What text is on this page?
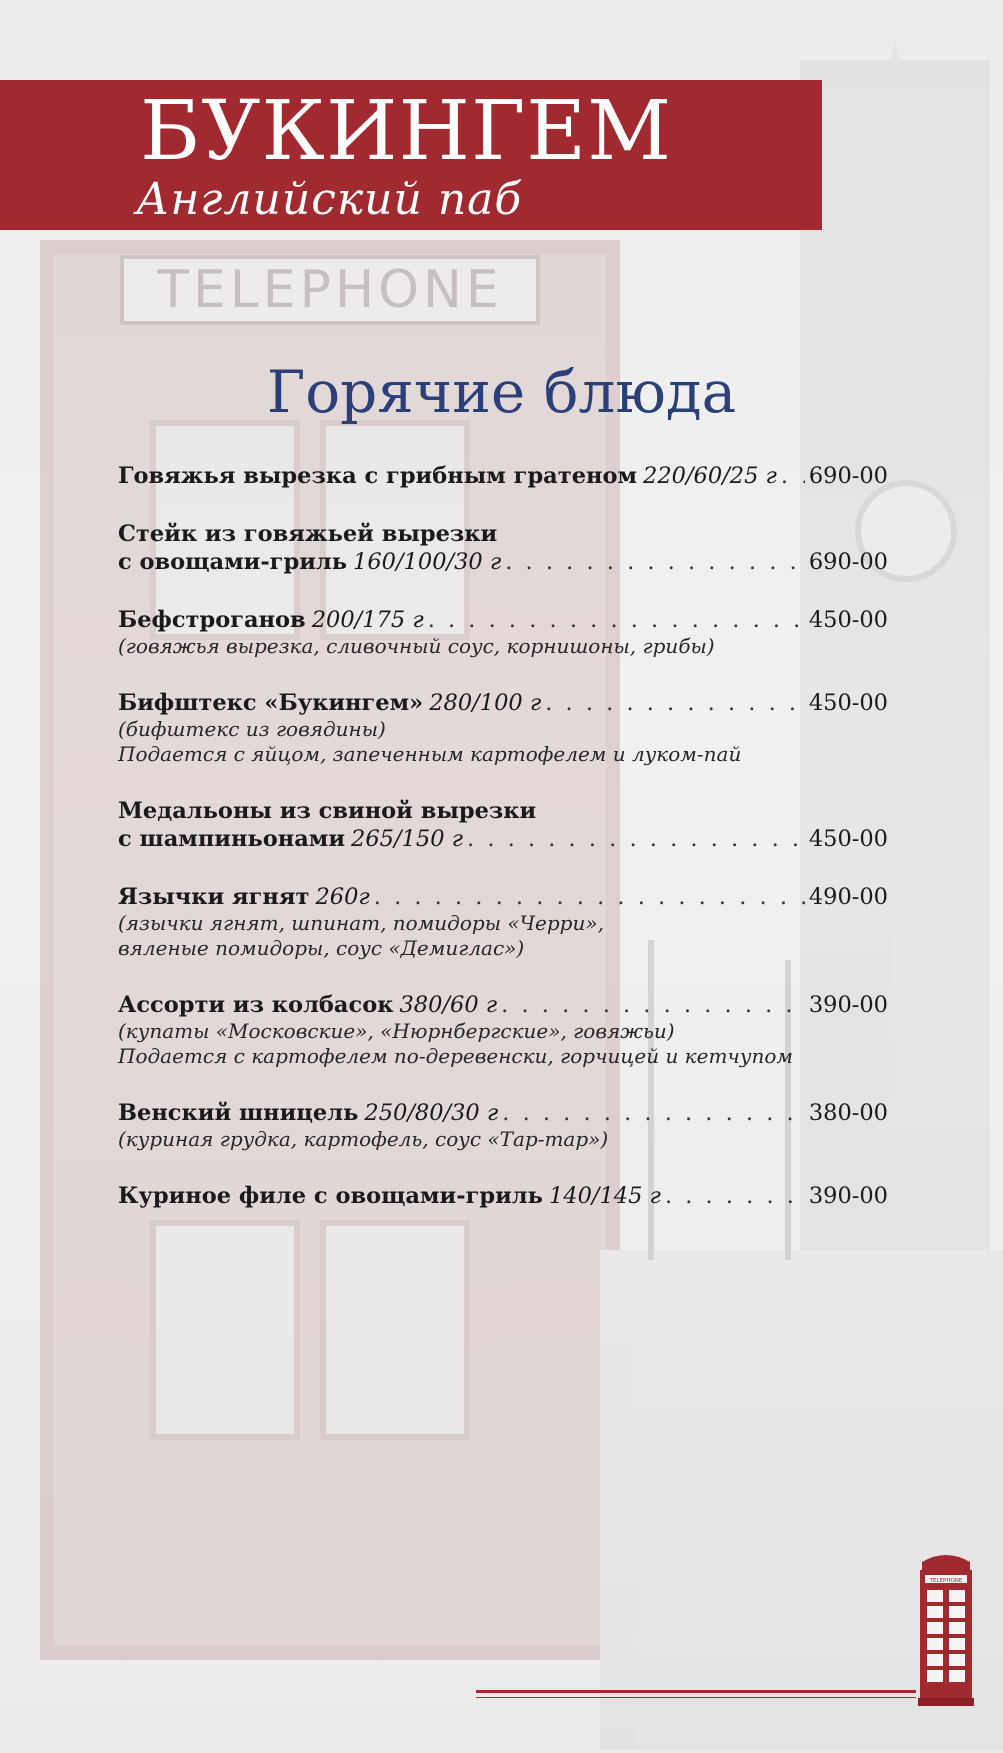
TELEPHONE
БУКИНГЕМ
Английский паб
Горячие блюда
Говяжья вырезка с грибным гратеном 220/60/25 г . . . 690-00
Стейк из говяжьей вырезки
с овощами-гриль 160/100/30 г . . .	690-00
Бефстроганов 200/175 г . . .	450-00
(говяжья вырезка, сливочный соус, корнишоны, грибы)
Бифштекс «Букингем» 280/100 г . . .	450-00
(бифштекс из говядины)
Подается с яйцом, запеченным картофелем и луком-пай
Медальоны из свиной вырезки
с шампиньонами 265/150 г . . .	450-00
Язычки ягнят 260г . . .	490-00
(язычки ягнят, шпинат, помидоры «Черри»,
вяленые помидоры, соус «Демиглас»)
Ассорти из колбасок 380/60 г . . .	390-00
(купаты «Московские», «Нюрнбергские», говяжьи)
Подается с картофелем по-деревенски, горчицей и кетчупом
Венский шницель 250/80/30 г . . .	380-00
(куриная грудка, картофель, соус «Тар-тар»)
Куриное филе с овощами-гриль 140/145 г . . .	390-00
TELEPHONE
